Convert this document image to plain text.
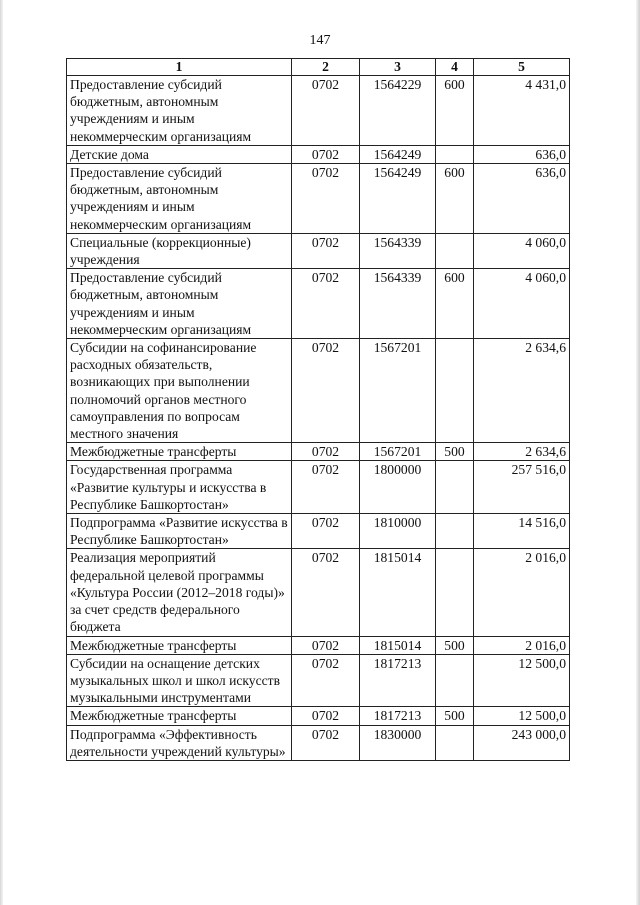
147
1	2	3	4	5
Предоставление субсидий бюджетным, автономным учреждениям и иным некоммерческим организациям	0702	1564229	600	4 431,0
Детские дома	0702	1564249		636,0
Предоставление субсидий бюджетным, автономным учреждениям и иным некоммерческим организациям	0702	1564249	600	636,0
Специальные (коррекционные) учреждения	0702	1564339		4 060,0
Предоставление субсидий бюджетным, автономным учреждениям и иным некоммерческим организациям	0702	1564339	600	4 060,0
Субсидии на софинансирование расходных обязательств, возникающих при выполнении полномочий органов местного самоуправления по вопросам местного значения	0702	1567201		2 634,6
Межбюджетные трансферты	0702	1567201	500	2 634,6
Государственная программа «Развитие культуры и искусства в Республике Башкортостан»	0702	1800000		257 516,0
Подпрограмма «Развитие искусства в Республике Башкортостан»	0702	1810000		14 516,0
Реализация мероприятий федеральной целевой программы «Культура России (2012–2018 годы)» за счет средств федерального бюджета	0702	1815014		2 016,0
Межбюджетные трансферты	0702	1815014	500	2 016,0
Субсидии на оснащение детских музыкальных школ и школ искусств музыкальными инструментами	0702	1817213		12 500,0
Межбюджетные трансферты	0702	1817213	500	12 500,0
Подпрограмма «Эффективность деятельности учреждений культуры»	0702	1830000		243 000,0
